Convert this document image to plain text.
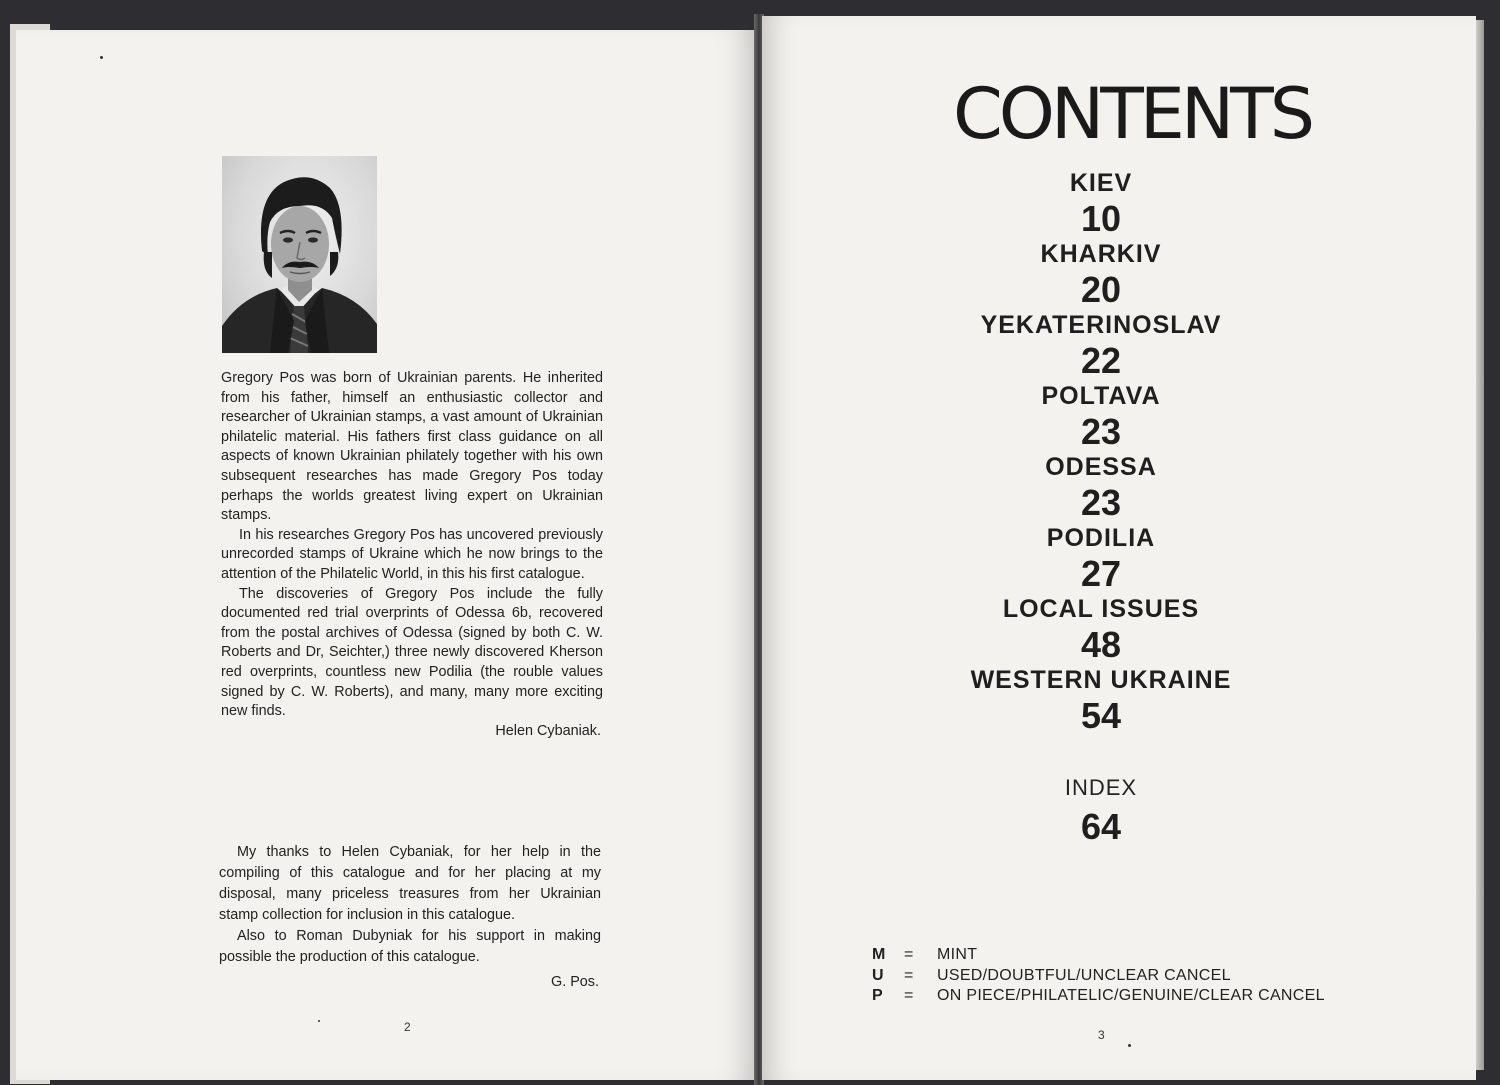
Gregory Pos was born of Ukrainian parents. He inherited from his father, himself an enthusiastic collector and researcher of Ukrainian stamps, a vast amount of Ukrainian philatelic material. His fathers first class guidance on all aspects of known Ukrainian philately together with his own subsequent researches has made Gregory Pos today perhaps the worlds greatest living expert on Ukrainian stamps.

In his researches Gregory Pos has uncovered previously unrecorded stamps of Ukraine which he now brings to the attention of the Philatelic World, in this his first catalogue.

The discoveries of Gregory Pos include the fully documented red trial overprints of Odessa 6b, recovered from the postal archives of Odessa (signed by both C. W. Roberts and Dr, Seichter,) three newly discovered Kherson red overprints, countless new Podilia (the rouble values signed by C. W. Roberts), and many, many more exciting new finds.

Helen Cybaniak.

My thanks to Helen Cybaniak, for her help in the compiling of this catalogue and for her placing at my disposal, many priceless treasures from her Ukrainian stamp collection for inclusion in this catalogue.

Also to Roman Dubyniak for his support in making possible the production of this catalogue.

G. Pos.

2
CONTENTS
KIEV
10
KHARKIV
20
YEKATERINOSLAV
22
POLTAVA
23
ODESSA
23
PODILIA
27
LOCAL ISSUES
48
WESTERN UKRAINE
54
INDEX
64
M	=	MINT
U	=	USED/DOUBTFUL/UNCLEAR CANCEL
P	=	ON PIECE/PHILATELIC/GENUINE/CLEAR CANCEL
3
